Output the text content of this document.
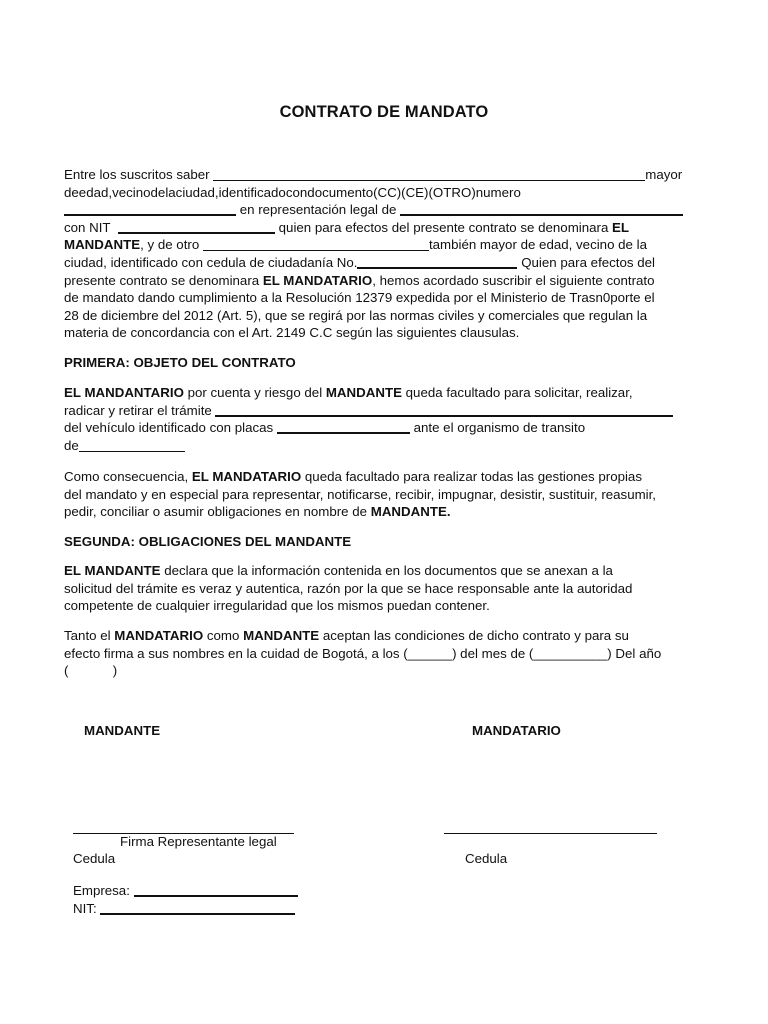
CONTRATO DE MANDATO
Entre los suscritos saber	mayor
deedad,vecinodelaciudad,identificadocondocumento(CC)(CE)(OTRO)numero
en representación legal de
con NIT	quien para efectos del presente contrato se denominara EL
MANDANTE, y de otro	también mayor de edad, vecino de la
ciudad, identificado con cedula de ciudadanía No.	Quien para efectos del
presente contrato se denominara EL MANDATARIO, hemos acordado suscribir el siguiente contrato
de mandato dando cumplimiento a la Resolución 12379 expedida por el Ministerio de Trasn0porte el
28 de diciembre del 2012 (Art. 5), que se regirá por las normas civiles y comerciales que regulan la
materia de concordancia con el Art. 2149 C.C según las siguientes clausulas.
PRIMERA: OBJETO DEL CONTRATO
EL MANDANTARIO por cuenta y riesgo del MANDANTE queda facultado para solicitar, realizar,
radicar y retirar el trámite
del vehículo identificado con placas	ante el organismo de transito
de
Como consecuencia, EL MANDATARIO queda facultado para realizar todas las gestiones propias
del mandato y en especial para representar, notificarse, recibir, impugnar, desistir, sustituir, reasumir,
pedir, conciliar o asumir obligaciones en nombre de MANDANTE.
SEGUNDA: OBLIGACIONES DEL MANDANTE
EL MANDANTE declara que la información contenida en los documentos que se anexan a la
solicitud del trámite es veraz y autentica, razón por la que se hace responsable ante la autoridad
competente de cualquier irregularidad que los mismos puedan contener.
Tanto el MANDATARIO como MANDANTE aceptan las condiciones de dicho contrato y para su
efecto firma a sus nombres en la cuidad de Bogotá, a los (______) del mes de (__________) Del año
(            )
MANDANTE	MANDATARIO
Firma Representante legal
Cedula	Cedula
Empresa:
NIT:
